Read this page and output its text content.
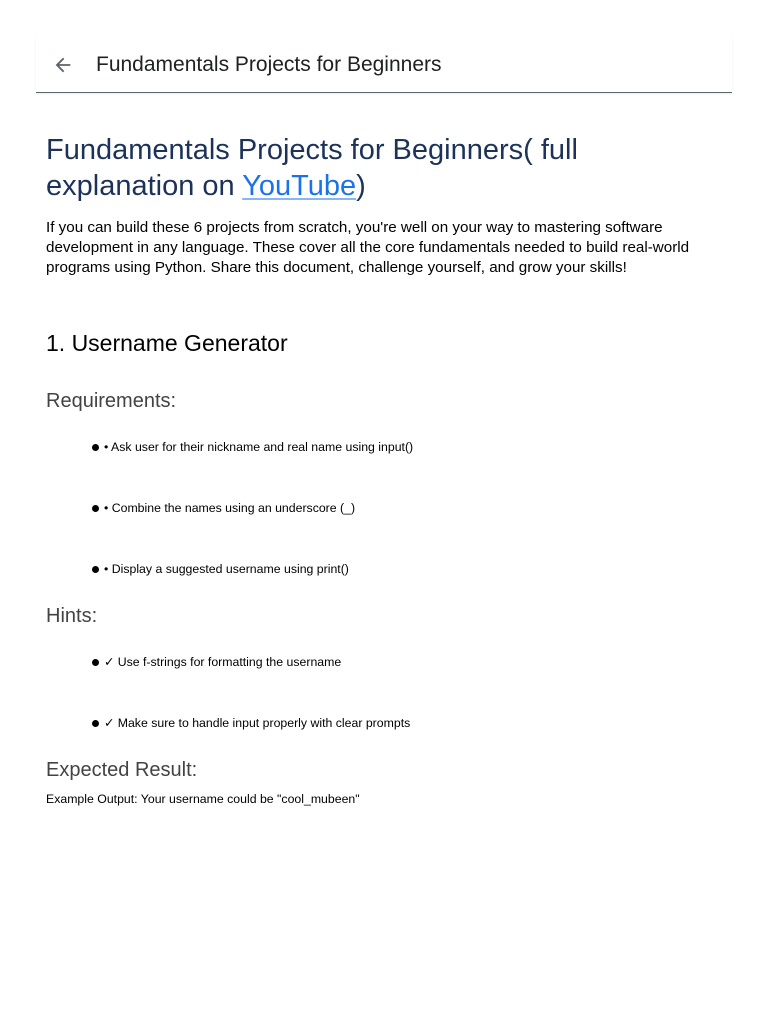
Fundamentals Projects for Beginners
Fundamentals Projects for Beginners( full explanation on YouTube)

If you can build these 6 projects from scratch, you're well on your way to mastering software development in any language. These cover all the core fundamentals needed to build real-world programs using Python. Share this document, challenge yourself, and grow your skills!

1. Username Generator
Requirements:
• Ask user for their nickname and real name using input()
• Combine the names using an underscore (_)
• Display a suggested username using print()
Hints:
✓ Use f-strings for formatting the username
✓ Make sure to handle input properly with clear prompts
Expected Result:

Example Output: Your username could be "cool_mubeen"
